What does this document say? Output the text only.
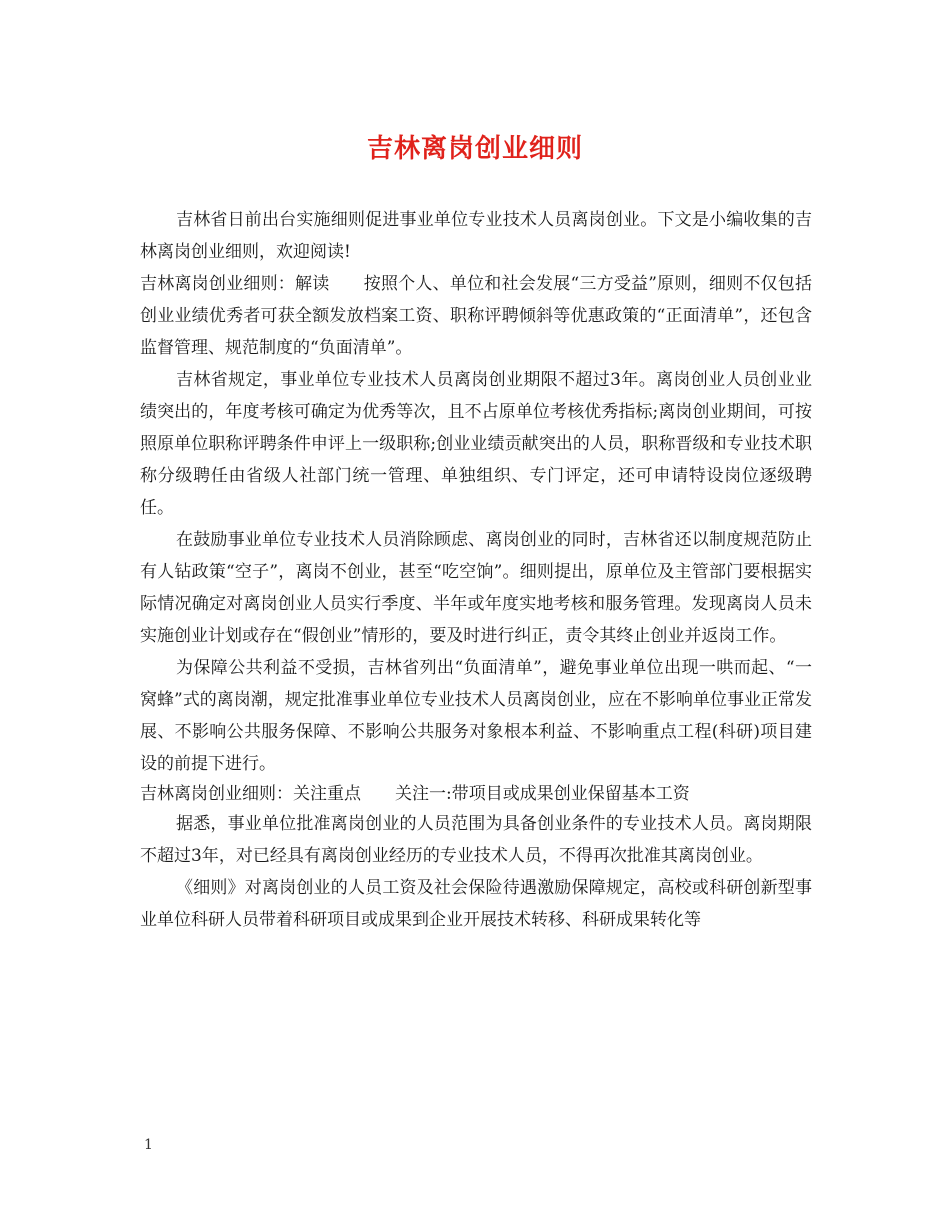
吉林离岗创业细则

吉林省日前出台实施细则促进事业单位专业技术人员离岗创业。下文是小编收集的吉林离岗创业细则，欢迎阅读!

吉林离岗创业细则：解读 按照个人、单位和社会发展“三方受益”原则，细则不仅包括创业业绩优秀者可获全额发放档案工资、职称评聘倾斜等优惠政策的“正面清单”，还包含监督管理、规范制度的“负面清单”。

吉林省规定，事业单位专业技术人员离岗创业期限不超过3年。离岗创业人员创业业绩突出的，年度考核可确定为优秀等次，且不占原单位考核优秀指标;离岗创业期间，可按照原单位职称评聘条件申评上一级职称;创业业绩贡献突出的人员，职称晋级和专业技术职称分级聘任由省级人社部门统一管理、单独组织、专门评定，还可申请特设岗位逐级聘任。

在鼓励事业单位专业技术人员消除顾虑、离岗创业的同时，吉林省还以制度规范防止有人钻政策“空子”，离岗不创业，甚至“吃空饷”。细则提出，原单位及主管部门要根据实际情况确定对离岗创业人员实行季度、半年或年度实地考核和服务管理。发现离岗人员未实施创业计划或存在“假创业”情形的，要及时进行纠正，责令其终止创业并返岗工作。

为保障公共利益不受损，吉林省列出“负面清单”，避免事业单位出现一哄而起、“一窝蜂”式的离岗潮，规定批准事业单位专业技术人员离岗创业，应在不影响单位事业正常发展、不影响公共服务保障、不影响公共服务对象根本利益、不影响重点工程(科研)项目建设的前提下进行。

吉林离岗创业细则：关注重点 关注一:带项目或成果创业保留基本工资

据悉，事业单位批准离岗创业的人员范围为具备创业条件的专业技术人员。离岗期限不超过3年，对已经具有离岗创业经历的专业技术人员，不得再次批准其离岗创业。

《细则》对离岗创业的人员工资及社会保险待遇激励保障规定，高校或科研创新型事业单位科研人员带着科研项目或成果到企业开展技术转移、科研成果转化等

1
